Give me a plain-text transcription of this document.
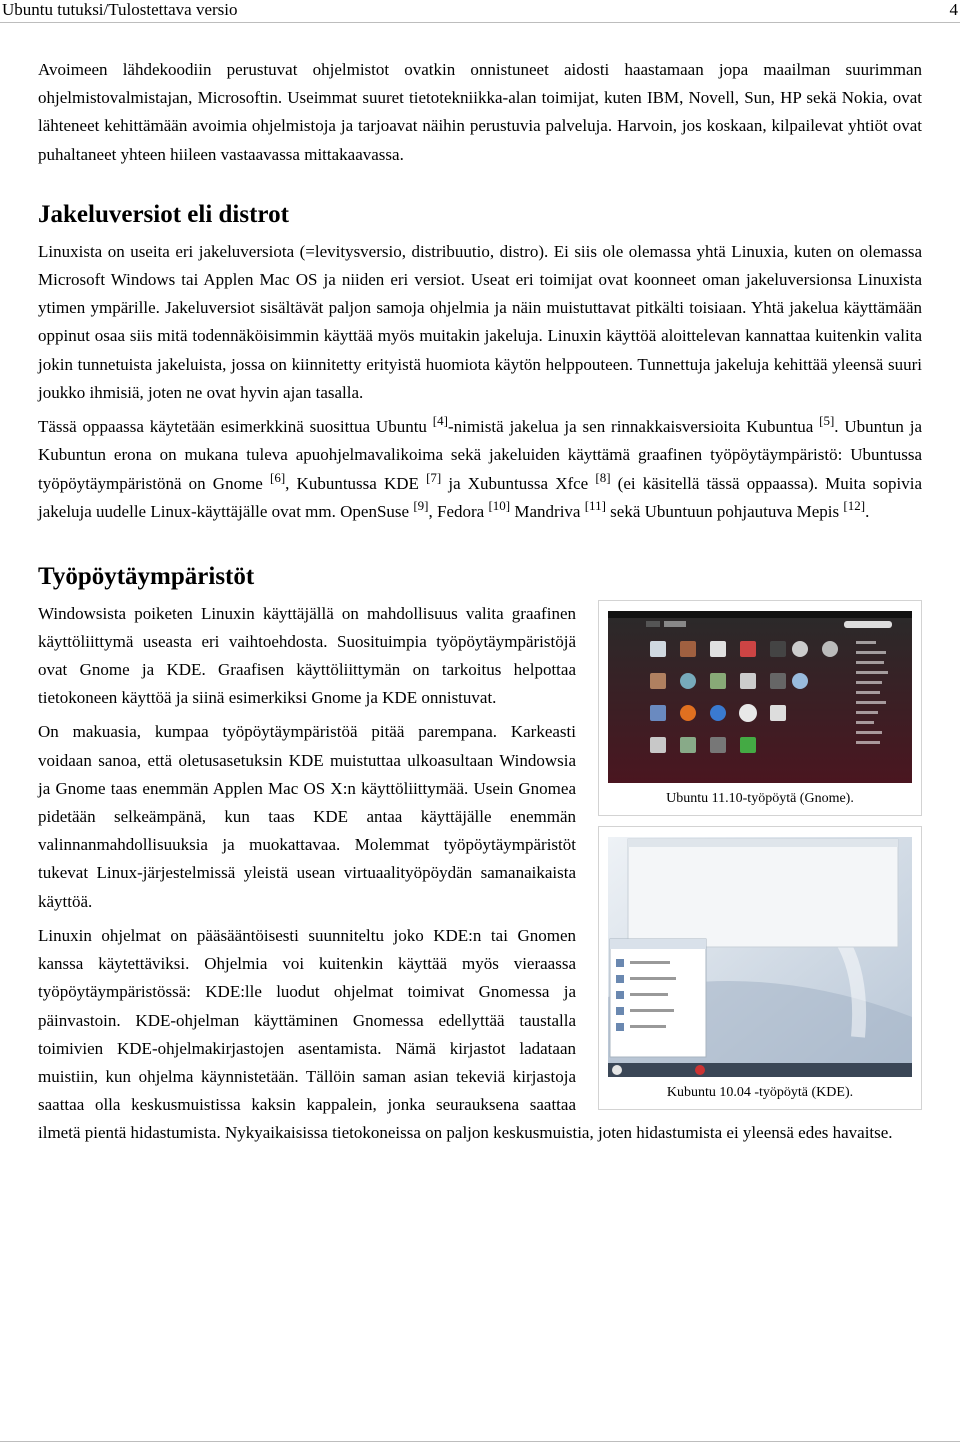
Ubuntu tutuksi/Tulostettava versio	4

Avoimeen lähdekoodiin perustuvat ohjelmistot ovatkin onnistuneet aidosti haastamaan jopa maailman suurimman ohjelmistovalmistajan, Microsoftin. Useimmat suuret tietotekniikka-alan toimijat, kuten IBM, Novell, Sun, HP sekä Nokia, ovat lähteneet kehittämään avoimia ohjelmistoja ja tarjoavat näihin perustuvia palveluja. Harvoin, jos koskaan, kilpailevat yhtiöt ovat puhaltaneet yhteen hiileen vastaavassa mittakaavassa.

Jakeluversiot eli distrot

Linuxista on useita eri jakeluversiota (=levitysversio, distribuutio, distro). Ei siis ole olemassa yhtä Linuxia, kuten on olemassa Microsoft Windows tai Applen Mac OS ja niiden eri versiot. Useat eri toimijat ovat koonneet oman jakeluversionsa Linuxista ytimen ympärille. Jakeluversiot sisältävät paljon samoja ohjelmia ja näin muistuttavat pitkälti toisiaan. Yhtä jakelua käyttämään oppinut osaa siis mitä todennäköisimmin käyttää myös muitakin jakeluja. Linuxin käyttöä aloittelevan kannattaa kuitenkin valita jokin tunnetuista jakeluista, jossa on kiinnitetty erityistä huomiota käytön helppouteen. Tunnettuja jakeluja kehittää yleensä suuri joukko ihmisiä, joten ne ovat hyvin ajan tasalla.

Tässä oppaassa käytetään esimerkkinä suosittua Ubuntu [4]-nimistä jakelua ja sen rinnakkaisversioita Kubuntua [5]. Ubuntun ja Kubuntun erona on mukana tuleva apuohjelmavalikoima sekä jakeluiden käyttämä graafinen työpöytäympäristö: Ubuntussa työpöytäympäristönä on Gnome [6], Kubuntussa KDE [7] ja Xubuntussa Xfce [8] (ei käsitellä tässä oppaassa). Muita sopivia jakeluja uudelle Linux-käyttäjälle ovat mm. OpenSuse [9], Fedora [10] Mandriva [11] sekä Ubuntuun pohjautuva Mepis [12].

Työpöytäympäristöt
Ubuntu 11.10-työpöytä (Gnome).
Kubuntu 10.04 -työpöytä (KDE).

Windowsista poiketen Linuxin käyttäjällä on mahdollisuus valita graafinen käyttöliittymä useasta eri vaihtoehdosta. Suosituimpia työpöytäympäristöjä ovat Gnome ja KDE. Graafisen käyttöliittymän on tarkoitus helpottaa tietokoneen käyttöä ja siinä esimerkiksi Gnome ja KDE onnistuvat.

On makuasia, kumpaa työpöytäympäristöä pitää parempana. Karkeasti voidaan sanoa, että oletusasetuksin KDE muistuttaa ulkoasultaan Windowsia ja Gnome taas enemmän Applen Mac OS X:n käyttöliittymää. Usein Gnomea pidetään selkeämpänä, kun taas KDE antaa käyttäjälle enemmän valinnanmahdollisuuksia ja muokattavaa. Molemmat työpöytäympäristöt tukevat Linux-järjestelmissä yleistä usean virtuaalityöpöydän samanaikaista käyttöä.

Linuxin ohjelmat on pääsääntöisesti suunniteltu joko KDE:n tai Gnomen kanssa käytettäviksi. Ohjelmia voi kuitenkin käyttää myös vieraassa työpöytäympäristössä: KDE:lle luodut ohjelmat toimivat Gnomessa ja päinvastoin. KDE-ohjelman käyttäminen Gnomessa edellyttää taustalla toimivien KDE-ohjelmakirjastojen asentamista. Nämä kirjastot ladataan muistiin, kun ohjelma käynnistetään. Tällöin saman asian tekeviä kirjastoja saattaa olla keskusmuistissa kaksin kappalein, jonka seurauksena saattaa ilmetä pientä hidastumista. Nykyaikaisissa tietokoneissa on paljon keskusmuistia, joten hidastumista ei yleensä edes havaitse.
